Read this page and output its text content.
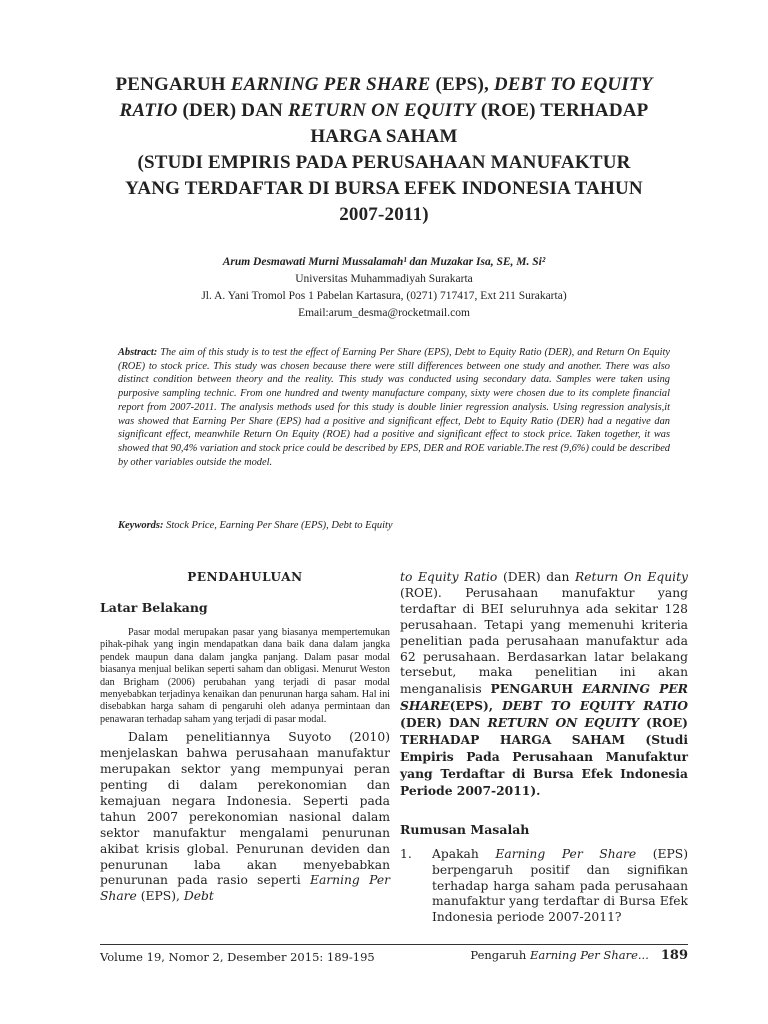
PENGARUH EARNING PER SHARE (EPS), DEBT TO EQUITY
RATIO (DER) DAN RETURN ON EQUITY (ROE) TERHADAP
HARGA SAHAM
(STUDI EMPIRIS PADA PERUSAHAAN MANUFAKTUR
YANG TERDAFTAR DI BURSA EFEK INDONESIA TAHUN
2007-2011)
Arum Desmawati Murni Mussalamah¹ dan Muzakar Isa, SE, M. Si²
Universitas Muhammadiyah Surakarta
Jl. A. Yani Tromol Pos 1 Pabelan Kartasura, (0271) 717417, Ext 211 Surakarta)
Email:arum_desma@rocketmail.com
Abstract: The aim of this study is to test the effect of Earning Per Share (EPS), Debt to Equity Ratio (DER), and Return On Equity (ROE) to stock price. This study was chosen because there were still differences between one study and another. There was also distinct condition between theory and the reality. This study was conducted using secondary data. Samples were taken using purposive sampling technic. From one hundred and twenty manufacture company, sixty were chosen due to its complete financial report from 2007-2011. The analysis methods used for this study is double linier regression analysis. Using regression analysis,it was showed that Earning Per Share (EPS) had a positive and significant effect, Debt to Equity Ratio (DER) had a negative dan significant effect, meanwhile Return On Equity (ROE) had a positive and significant effect to stock price. Taken together, it was showed that 90,4% variation and stock price could be described by EPS, DER and ROE variable.The rest (9,6%) could be described by other variables outside the model.
Keywords: Stock Price, Earning Per Share (EPS), Debt to Equity
PENDAHULUAN
Latar Belakang

Pasar modal merupakan pasar yang biasanya mempertemukan pihak-pihak yang ingin mendapatkan dana baik dana dalam jangka pendek maupun dana dalam jangka panjang. Dalam pasar modal biasanya menjual belikan seperti saham dan obligasi. Menurut Weston dan Brigham (2006) perubahan yang terjadi di pasar modal menyebabkan terjadinya kenaikan dan penurunan harga saham. Hal ini disebabkan harga saham di pengaruhi oleh adanya permintaan dan penawaran terhadap saham yang terjadi di pasar modal.

Dalam penelitiannya Suyoto (2010) menjelaskan bahwa perusahaan manufaktur merupakan sektor yang mempunyai peran penting di dalam perekonomian dan kemajuan negara Indonesia. Seperti pada tahun 2007 perekonomian nasional dalam sektor manufaktur mengalami penurunan akibat krisis global. Penurunan deviden dan penurunan laba akan menyebabkan penurunan pada rasio seperti Earning Per Share (EPS), Debt

to Equity Ratio (DER) dan Return On Equity (ROE). Perusahaan manufaktur yang terdaftar di BEI seluruhnya ada sekitar 128 perusahaan. Tetapi yang memenuhi kriteria penelitian pada perusahaan manufaktur ada 62 perusahaan. Berdasarkan latar belakang tersebut, maka penelitian ini akan menganalisis PENGARUH EARNING PER SHARE(EPS), DEBT TO EQUITY RATIO (DER) DAN RETURN ON EQUITY (ROE) TERHADAP HARGA SAHAM (Studi Empiris Pada Perusahaan Manufaktur yang Terdaftar di Bursa Efek Indonesia Periode 2007-2011).

Rumusan Masalah
1.	Apakah Earning Per Share (EPS) berpengaruh positif dan signifikan terhadap harga saham pada perusahaan manufaktur yang terdaftar di Bursa Efek Indonesia periode 2007-2011?
Volume 19, Nomor 2, Desember 2015: 189-195	Pengaruh Earning Per Share... 189
